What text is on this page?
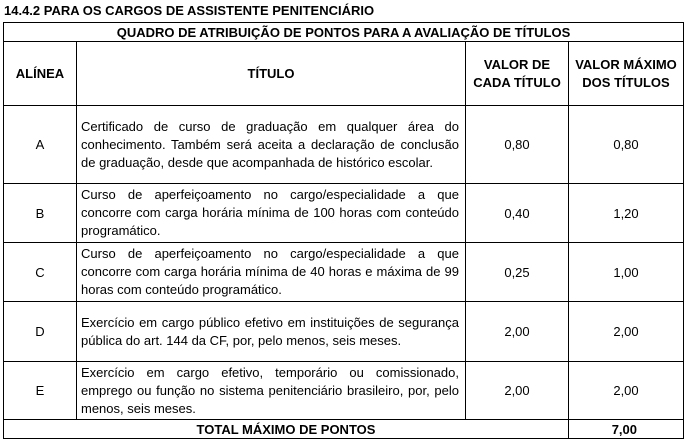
14.4.2 PARA OS CARGOS DE ASSISTENTE PENITENCIÁRIO
QUADRO DE ATRIBUIÇÃO DE PONTOS PARA A AVALIAÇÃO DE TÍTULOS			
ALÍNEA	TÍTULO	VALOR DE CADA TÍTULO	VALOR MÁXIMO DOS TÍTULOS
A	Certificado de curso de graduação em qualquer área do conhecimento. Também será aceita a declaração de conclusão de graduação, desde que acompanhada de histórico escolar.	0,80	0,80
B	Curso de aperfeiçoamento no cargo/especialidade a que concorre com carga horária mínima de 100 horas com conteúdo programático.	0,40	1,20
C	Curso de aperfeiçoamento no cargo/especialidade a que concorre com carga horária mínima de 40 horas e máxima de 99 horas com conteúdo programático.	0,25	1,00
D	Exercício em cargo público efetivo em instituições de segurança pública do art. 144 da CF, por, pelo menos, seis meses.	2,00	2,00
E	Exercício em cargo efetivo, temporário ou comissionado, emprego ou função no sistema penitenciário brasileiro, por, pelo menos, seis meses.	2,00	2,00
TOTAL MÁXIMO DE PONTOS			7,00
